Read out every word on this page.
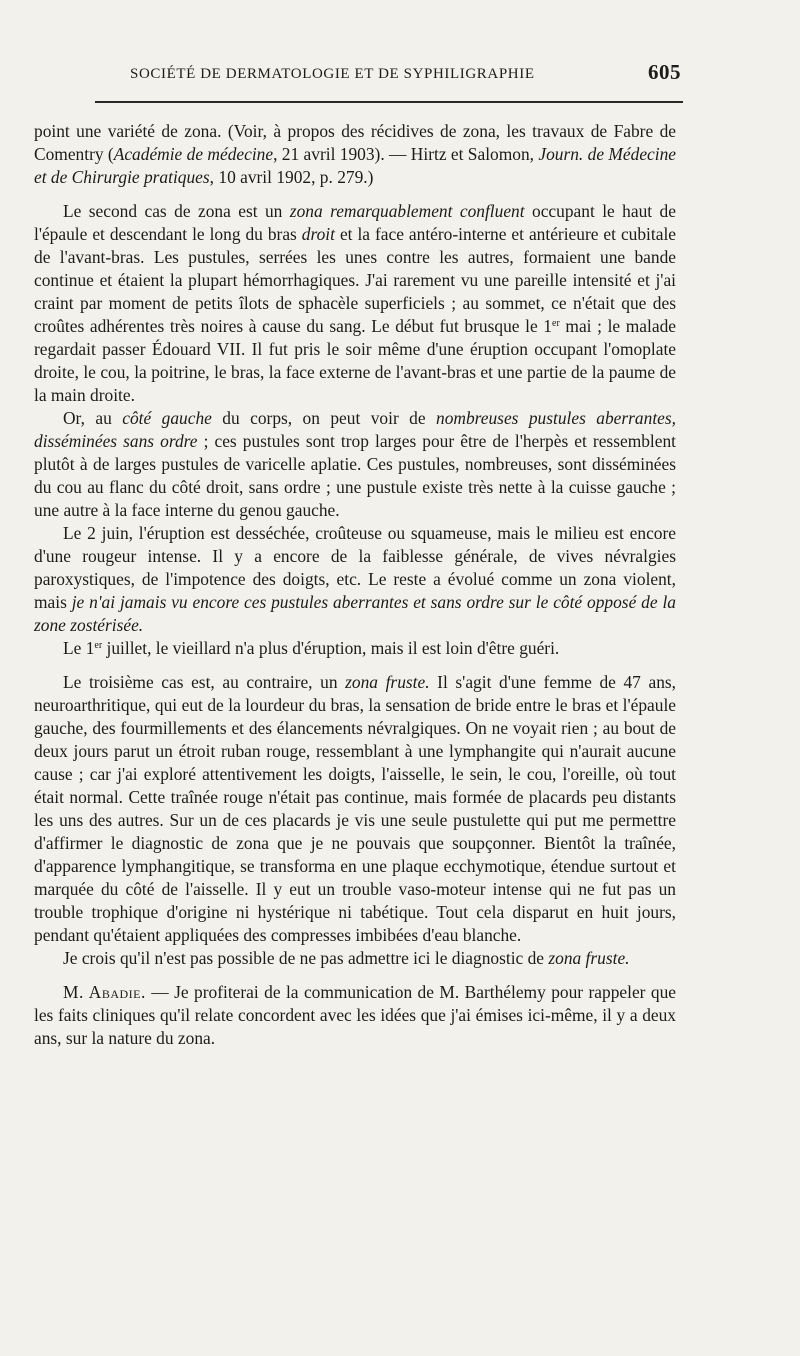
SOCIÉTÉ DE DERMATOLOGIE ET DE SYPHILIGRAPHIE	605

point une variété de zona. (Voir, à propos des récidives de zona, les travaux de Fabre de Comentry (Académie de médecine, 21 avril 1903). — Hirtz et Salomon, Journ. de Médecine et de Chirurgie pratiques, 10 avril 1902, p. 279.)

Le second cas de zona est un zona remarquablement confluent occupant le haut de l'épaule et descendant le long du bras droit et la face antéro-interne et antérieure et cubitale de l'avant-bras. Les pustules, serrées les unes contre les autres, formaient une bande continue et étaient la plupart hémorrhagiques. J'ai rarement vu une pareille intensité et j'ai craint par moment de petits îlots de sphacèle superficiels ; au sommet, ce n'était que des croûtes adhérentes très noires à cause du sang. Le début fut brusque le 1er mai ; le malade regardait passer Édouard VII. Il fut pris le soir même d'une éruption occupant l'omoplate droite, le cou, la poitrine, le bras, la face externe de l'avant-bras et une partie de la paume de la main droite.

Or, au côté gauche du corps, on peut voir de nombreuses pustules aberrantes, disséminées sans ordre ; ces pustules sont trop larges pour être de l'herpès et ressemblent plutôt à de larges pustules de varicelle aplatie. Ces pustules, nombreuses, sont disséminées du cou au flanc du côté droit, sans ordre ; une pustule existe très nette à la cuisse gauche ; une autre à la face interne du genou gauche.

Le 2 juin, l'éruption est desséchée, croûteuse ou squameuse, mais le milieu est encore d'une rougeur intense. Il y a encore de la faiblesse générale, de vives névralgies paroxystiques, de l'impotence des doigts, etc. Le reste a évolué comme un zona violent, mais je n'ai jamais vu encore ces pustules aberrantes et sans ordre sur le côté opposé de la zone zostérisée.

Le 1er juillet, le vieillard n'a plus d'éruption, mais il est loin d'être guéri.

Le troisième cas est, au contraire, un zona fruste. Il s'agit d'une femme de 47 ans, neuroarthritique, qui eut de la lourdeur du bras, la sensation de bride entre le bras et l'épaule gauche, des fourmillements et des élancements névralgiques. On ne voyait rien ; au bout de deux jours parut un étroit ruban rouge, ressemblant à une lymphangite qui n'aurait aucune cause ; car j'ai exploré attentivement les doigts, l'aisselle, le sein, le cou, l'oreille, où tout était normal. Cette traînée rouge n'était pas continue, mais formée de placards peu distants les uns des autres. Sur un de ces placards je vis une seule pustulette qui put me permettre d'affirmer le diagnostic de zona que je ne pouvais que soupçonner. Bientôt la traînée, d'apparence lymphangitique, se transforma en une plaque ecchymotique, étendue surtout et marquée du côté de l'aisselle. Il y eut un trouble vaso-moteur intense qui ne fut pas un trouble trophique d'origine ni hystérique ni tabétique. Tout cela disparut en huit jours, pendant qu'étaient appliquées des compresses imbibées d'eau blanche.

Je crois qu'il n'est pas possible de ne pas admettre ici le diagnostic de zona fruste.

M. Abadie. — Je profiterai de la communication de M. Barthélemy pour rappeler que les faits cliniques qu'il relate concordent avec les idées que j'ai émises ici-même, il y a deux ans, sur la nature du zona.
